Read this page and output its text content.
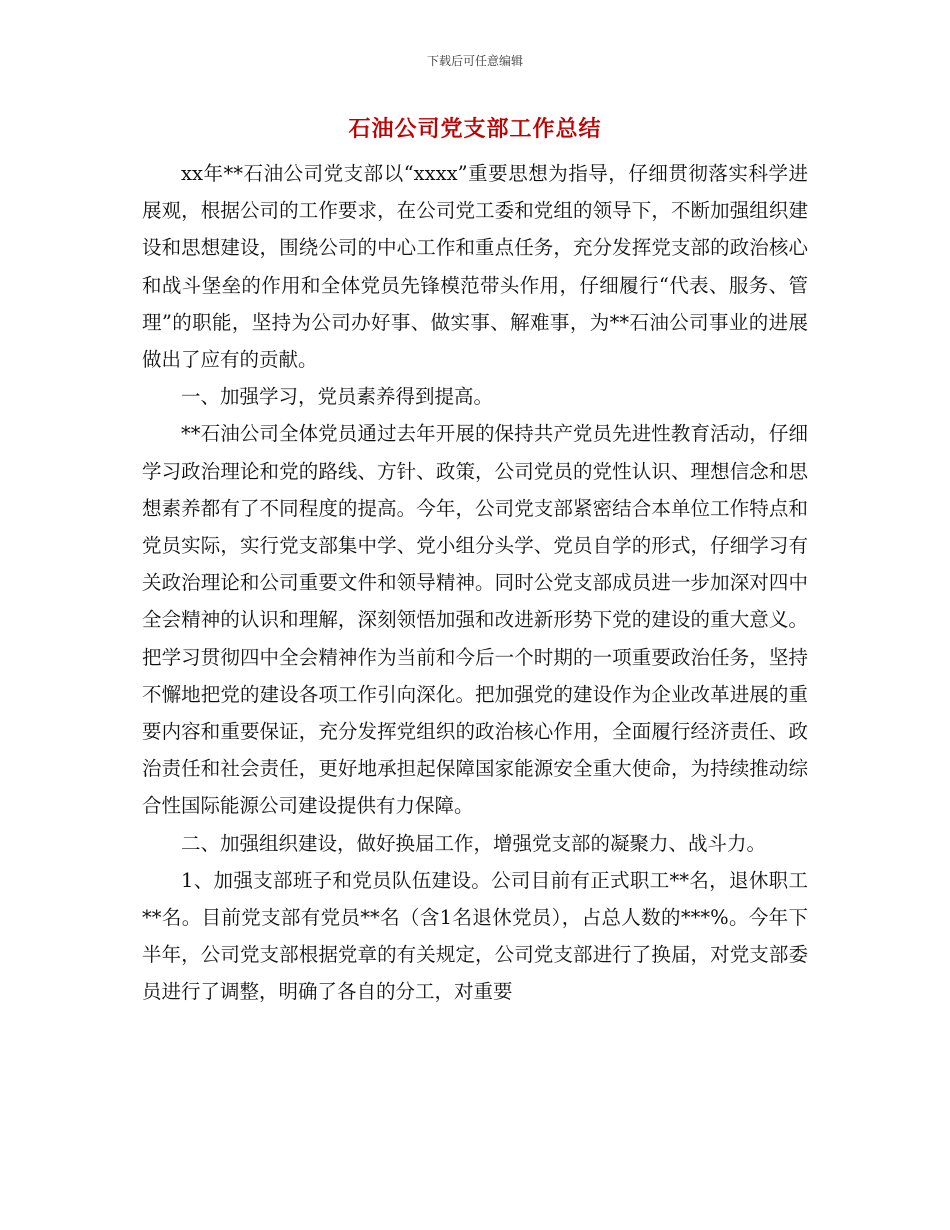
下载后可任意编辑
石油公司党支部工作总结

xx年**石油公司党支部以“xxxx”重要思想为指导，仔细贯彻落实科学进展观，根据公司的工作要求，在公司党工委和党组的领导下，不断加强组织建设和思想建设，围绕公司的中心工作和重点任务，充分发挥党支部的政治核心和战斗堡垒的作用和全体党员先锋模范带头作用，仔细履行“代表、服务、管理”的职能，坚持为公司办好事、做实事、解难事，为**石油公司事业的进展做出了应有的贡献。

一、加强学习，党员素养得到提高。

**石油公司全体党员通过去年开展的保持共产党员先进性教育活动，仔细学习政治理论和党的路线、方针、政策，公司党员的党性认识、理想信念和思想素养都有了不同程度的提高。今年，公司党支部紧密结合本单位工作特点和党员实际，实行党支部集中学、党小组分头学、党员自学的形式，仔细学习有关政治理论和公司重要文件和领导精神。同时公党支部成员进一步加深对四中全会精神的认识和理解，深刻领悟加强和改进新形势下党的建设的重大意义。把学习贯彻四中全会精神作为当前和今后一个时期的一项重要政治任务，坚持不懈地把党的建设各项工作引向深化。把加强党的建设作为企业改革进展的重要内容和重要保证，充分发挥党组织的政治核心作用，全面履行经济责任、政治责任和社会责任，更好地承担起保障国家能源安全重大使命，为持续推动综合性国际能源公司建设提供有力保障。

二、加强组织建设，做好换届工作，增强党支部的凝聚力、战斗力。

1、加强支部班子和党员队伍建设。公司目前有正式职工**名，退休职工**名。目前党支部有党员**名（含1名退休党员），占总人数的***%。今年下半年，公司党支部根据党章的有关规定，公司党支部进行了换届，对党支部委员进行了调整，明确了各自的分工，对重要
